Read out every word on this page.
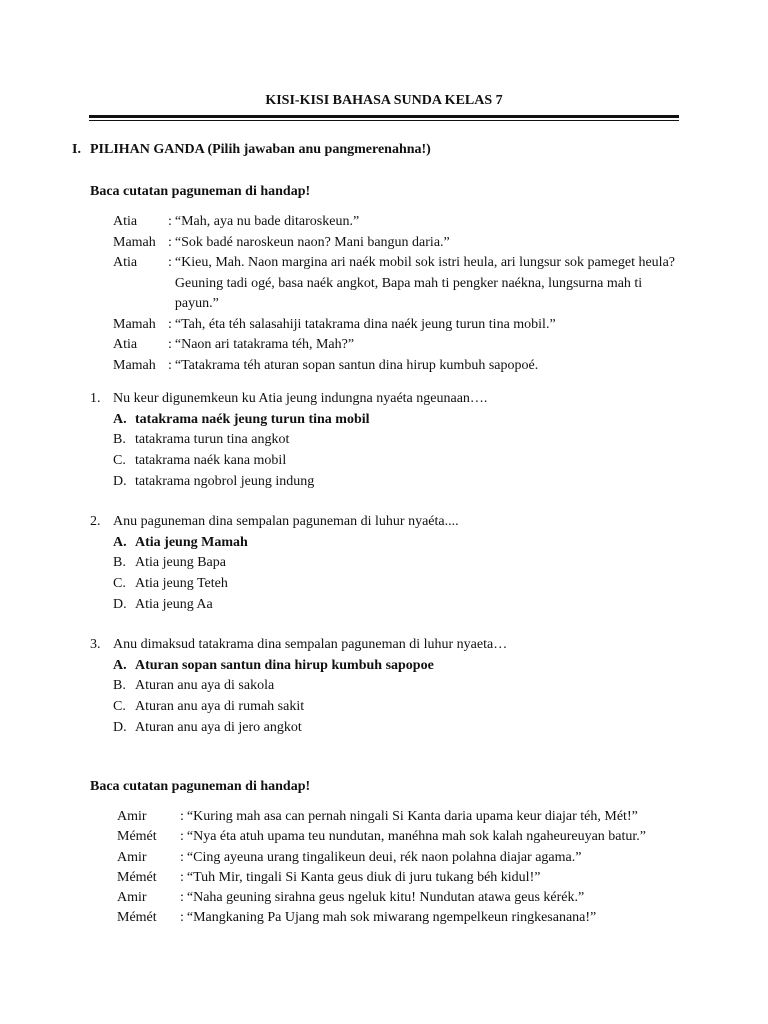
KISI-KISI BAHASA SUNDA KELAS 7
I. PILIHAN GANDA (Pilih jawaban anu pangmerenahna!)
Baca cutatan paguneman di handap!
Atia	: “Mah, aya nu bade ditaroskeun.”
Mamah : “Sok badé naroskeun naon? Mani bangun daria.”
Atia	: “Kieu, Mah. Naon margina ari naék mobil sok istri heula, ari lungsur sok pameget heula? Geuning tadi ogé, basa naék angkot, Bapa mah ti pengker naékna, lungsurna mah ti payun.”
Mamah : “Tah, éta téh salasahiji tatakrama dina naék jeung turun tina mobil.”
Atia	: “Naon ari tatakrama téh, Mah?”
Mamah : “Tatakrama téh aturan sopan santun dina hirup kumbuh sapopoé.
1. Nu keur digunemkeun ku Atia jeung indungna nyaéta ngeunaan….
A. tatakrama naék jeung turun tina mobil
B. tatakrama turun tina angkot
C. tatakrama naék kana mobil
D. tatakrama ngobrol jeung indung
2. Anu paguneman dina sempalan paguneman di luhur nyaéta....
A. Atia jeung Mamah
B. Atia jeung Bapa
C. Atia jeung Teteh
D. Atia jeung Aa
3. Anu dimaksud tatakrama dina sempalan paguneman di luhur nyaeta…
A. Aturan sopan santun dina hirup kumbuh sapopoe
B. Aturan anu aya di sakola
C. Aturan anu aya di rumah sakit
D. Aturan anu aya di jero angkot
Baca cutatan paguneman di handap!
Amir	: “Kuring mah asa can pernah ningali Si Kanta daria upama keur diajar téh, Mét!”
Mémét	: “Nya éta atuh upama teu nundutan, manéhna mah sok kalah ngaheureuyan batur.”
Amir	: “Cing ayeuna urang tingalikeun deui, rék naon polahna diajar agama.”
Mémét	: “Tuh Mir, tingali Si Kanta geus diuk di juru tukang béh kidul!”
Amir	: “Naha geuning sirahna geus ngeluk kitu! Nundutan atawa geus kérék.”
Mémét	: “Mangkaning Pa Ujang mah sok miwarang ngempelkeun ringkesanana!”
